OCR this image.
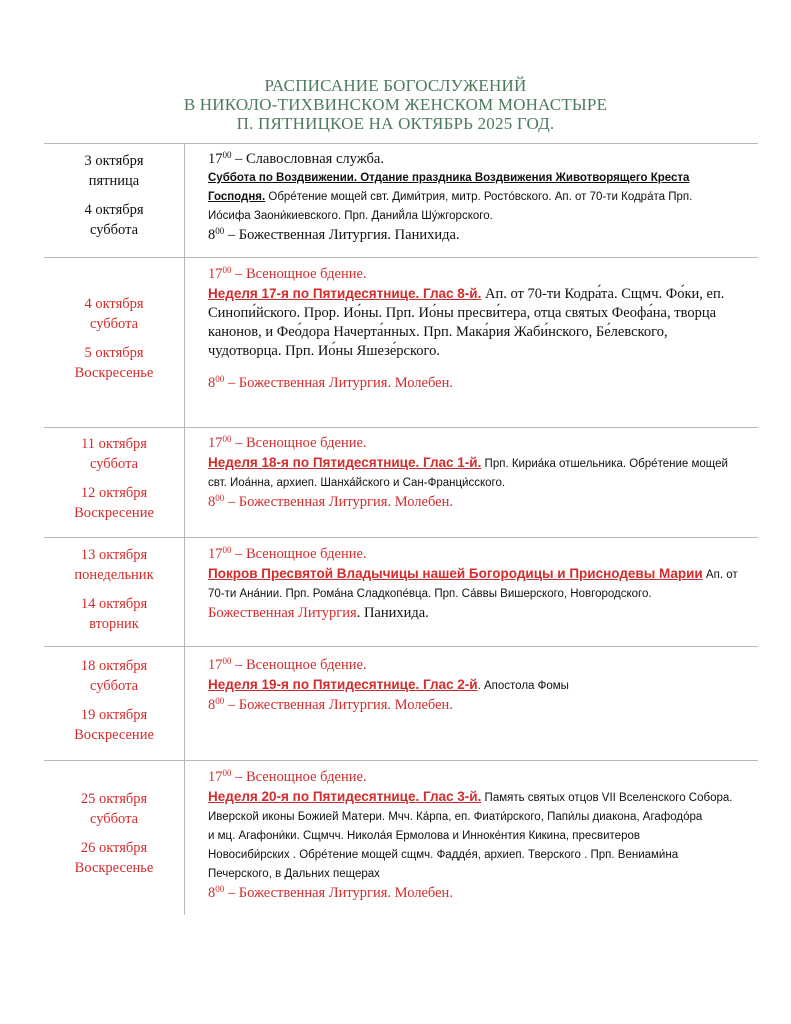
РАСПИСАНИЕ БОГОСЛУЖЕНИЙ
В НИКОЛО-ТИХВИНСКОМ ЖЕНСКОМ МОНАСТЫРЕ
П. ПЯТНИЦКОЕ НА ОКТЯБРЬ 2025 ГОД.
3 октября
пятница
4 октября
суббота
$17^{00}$ – Славословная служба.
Суббота по Воздвижении. Отдание праздника Воздвижения Животворящего Креста
Господня. Обре́тение мощей свт. Дими́трия, митр. Росто́вского. Ап. от 70-ти Кодра́та Прп.
Ио́сифа Заони́киевского. Прп. Даний́ла Шу́жгорского.
$8^{00}$ – Божественная Литургия. Панихида.
4 октября
суббота
5 октября
Воскресенье
$17^{00}$ – Всенощное бдение.
Неделя 17-я по Пятидесятнице. Глас 8-й. Ап. от 70-ти Кодра́та. Сщмч. Фо́ки, еп.
Синопи́йского. Прор. Ио́ны. Прп. Ио́ны пресви́тера, отца святых Феофа́на, творца
канонов, и Фео́дора Начерта́нных. Прп. Мака́рия Жаби́нского, Бе́левского,
чудотворца. Прп. Ио́ны Яшезе́рского.
$8^{00}$ – Божественная Литургия. Молебен.
11 октября
суббота
12 октября
Воскресение
$17^{00}$ – Всенощное бдение.
Неделя 18-я по Пятидесятнице. Глас 1-й. Прп. Кириа́ка отшельника. Обре́тение мощей
свт. Иоа́нна, архиеп. Шанха́йского и Сан-Франци́сского.
$8^{00}$ – Божественная Литургия. Молебен.
13 октября
понедельник
14 октября
вторник
$17^{00}$ – Всенощное бдение.
Покров Пресвятой Владычицы нашей Богородицы и Приснодевы Марии Ап. от
70-ти Ана́нии. Прп. Рома́на Сладкопе́вца. Прп. Са́ввы Вишерского, Новгородского.
Божественная Литургия. Панихида.
18 октября
суббота
19 октября
Воскресение
$17^{00}$ – Всенощное бдение.
Неделя 19-я по Пятидесятнице. Глас 2-й. Апостола Фомы
$8^{00}$ – Божественная Литургия. Молебен.
25 октября
суббота
26 октября
Воскресенье
$17^{00}$ – Всенощное бдение.
Неделя 20-я по Пятидесятнице. Глас 3-й. Память святых отцов VII Вселенского Собора.
Иверской иконы Божией Матери. Мчч. Ка́рпа, еп. Фиати́рского, Папи́лы диакона, Агафодо́ра
и мц. Агафони́ки. Сщмчч. Никола́я Ермолова и Иннoке́нтия Кикина, пресвитеров
Новосиби́рских . Обре́тение мощей сщмч. Фадде́я, архиеп. Тверского . Прп. Вениами́на
Печерского, в Дальних пещерах
$8^{00}$ – Божественная Литургия. Молебен.
